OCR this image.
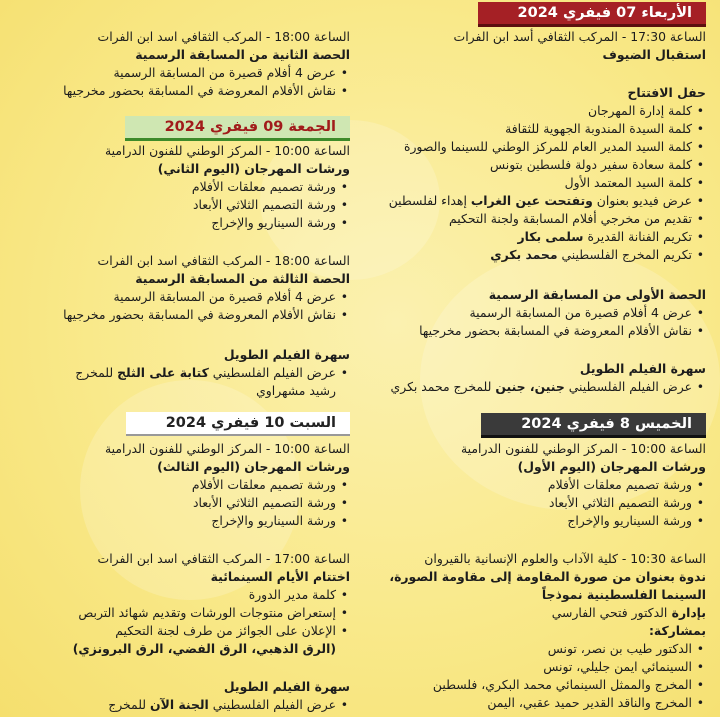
الأربعاء 07 فيفري 2024

الساعة 17:30 - المركب الثقافي أسد ابن الفرات

استقبال الضيوف

حفل الافتتاح

• كلمة إدارة المهرجان

• كلمة السيدة المندوبة الجهوية للثقافة

• كلمة السيد المدير العام للمركز الوطني للسينما والصورة

• كلمة سعادة سفير دولة فلسطين بتونس

• كلمة السيد المعتمد الأول

• عرض فيديو بعنوان وتفتحت عين الغراب إهداء لفلسطين

• تقديم من مخرجي أفلام المسابقة ولجنة التحكيم

• تكريم الفنانة القديرة سلمى بكار

• تكريم المخرج الفلسطيني محمد بكري

الحصة الأولى من المسابقة الرسمية

• عرض 4 أفلام قصيرة من المسابقة الرسمية

• نقاش الأفلام المعروضة في المسابقة بحضور مخرجيها

سهرة الفيلم الطويل

• عرض الفيلم الفلسطيني جنين، جنين للمخرج محمد بكري

الخميس 8 فيفري 2024

الساعة 10:00 - المركز الوطني للفنون الدرامية

ورشات المهرجان (اليوم الأول)

• ورشة تصميم معلقات الأفلام

• ورشة التصميم الثلاثي الأبعاد

• ورشة السيناريو والإخراج

الساعة 10:30 - كلية الآداب والعلوم الإنسانية بالقيروان

ندوة بعنوان من صورة المقاومة إلى مقاومة الصورة،

السينما الفلسطينية نموذجاً

بإدارة الدكتور فتحي الفارسي

بمشاركة:

• الدكتور طيب بن نصر، تونس

• السينمائي ايمن جليلي، تونس

• المخرج والممثل السينمائي محمد البكري، فلسطين

• المخرج والناقد القدير حميد عقبي، اليمن

الساعة 18:00 - المركب الثقافي اسد ابن الفرات

الحصة الثانية من المسابقة الرسمية

• عرض 4 أفلام قصيرة من المسابقة الرسمية

• نقاش الأفلام المعروضة في المسابقة بحضور مخرجيها

الجمعة 09 فيفري 2024

الساعة 10:00 - المركز الوطني للفنون الدرامية

ورشات المهرجان (اليوم الثاني)

• ورشة تصميم معلقات الأفلام

• ورشة التصميم الثلاثي الأبعاد

• ورشة السيناريو والإخراج

الساعة 18:00 - المركب الثقافي اسد ابن الفرات

الحصة الثالثة من المسابقة الرسمية

• عرض 4 أفلام قصيرة من المسابقة الرسمية

• نقاش الأفلام المعروضة في المسابقة بحضور مخرجيها

سهرة الفيلم الطويل

• عرض الفيلم الفلسطيني كتابة على الثلج للمخرج

رشيد مشهراوي

السبت 10 فيفري 2024

الساعة 10:00 - المركز الوطني للفنون الدرامية

ورشات المهرجان (اليوم الثالث)

• ورشة تصميم معلقات الأفلام

• ورشة التصميم الثلاثي الأبعاد

• ورشة السيناريو والإخراج

الساعة 17:00 - المركب الثقافي اسد ابن الفرات

اختتام الأيام السينمائية

• كلمة مدير الدورة

• إستعراض منتوجات الورشات وتقديم شهائد التربص

• الإعلان على الجوائز من طرف لجنة التحكيم

(الرق الذهبي، الرق الفضي، الرق البرونزي)

سهرة الفيلم الطويل

• عرض الفيلم الفلسطيني الجنة الآن للمخرج
